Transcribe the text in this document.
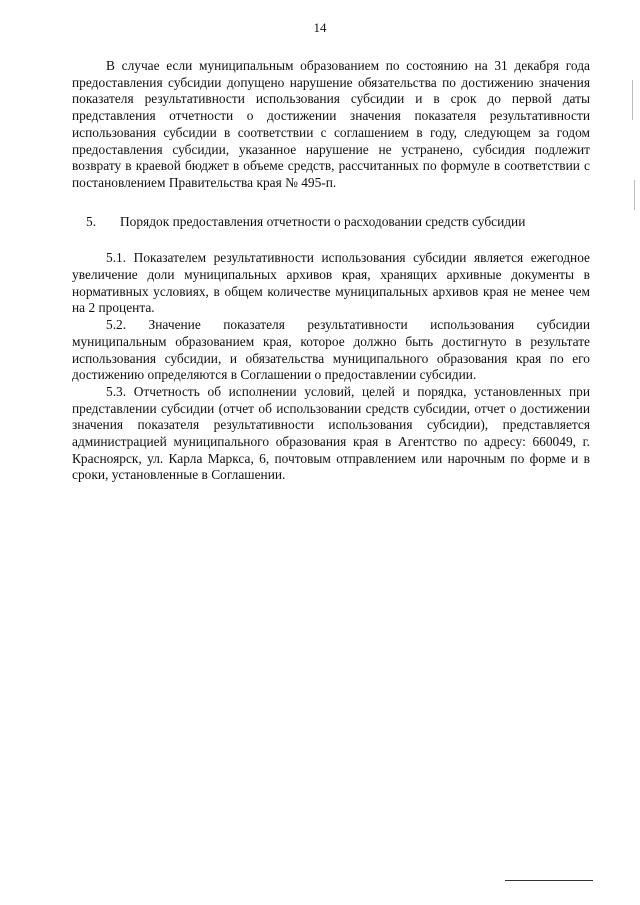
14

В случае если муниципальным образованием по состоянию на 31 декабря года предоставления субсидии допущено нарушение обязательства по достижению значения показателя результативности использования субсидии и в срок до первой даты представления отчетности о достижении значения показателя результативности использования субсидии в соответствии с соглашением в году, следующем за годом предоставления субсидии, указанное нарушение не устранено, субсидия подлежит возврату в краевой бюджет в объеме средств, рассчитанных по формуле в соответствии с постановлением Правительства края № 495-п.

5. Порядок предоставления отчетности о расходовании средств субсидии

5.1. Показателем результативности использования субсидии является ежегодное увеличение доли муниципальных архивов края, хранящих архивные документы в нормативных условиях, в общем количестве муниципальных архивов края не менее чем на 2 процента.

5.2. Значение показателя результативности использования субсидии муниципальным образованием края, которое должно быть достигнуто в результате использования субсидии, и обязательства муниципального образования края по его достижению определяются в Соглашении о предоставлении субсидии.

5.3. Отчетность об исполнении условий, целей и порядка, установленных при представлении субсидии (отчет об использовании средств субсидии, отчет о достижении значения показателя результативности использования субсидии), представляется администрацией муниципального образования края в Агентство по адресу: 660049, г. Красноярск, ул. Карла Маркса, 6, почтовым отправлением или нарочным по форме и в сроки, установленные в Соглашении.
